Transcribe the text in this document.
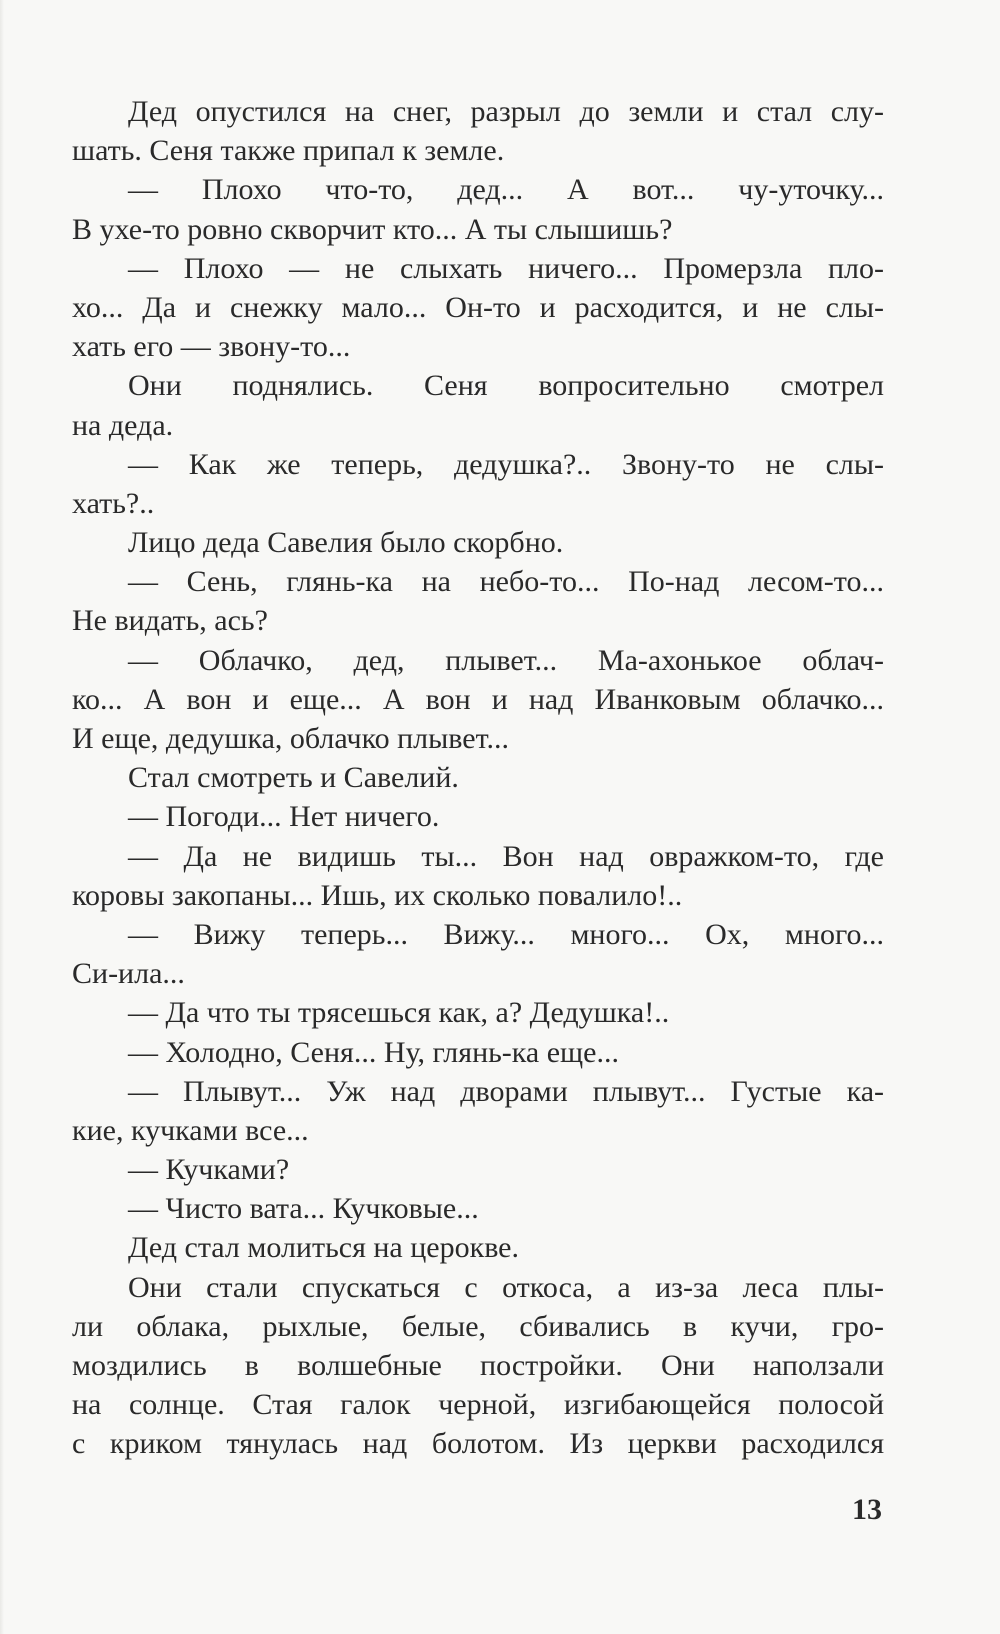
Дед опустился на снег, разрыл до земли и стал слу-
шать. Сеня также припал к земле.
— Плохо что-то, дед... А вот... чу-уточку...
В ухе-то ровно скворчит кто... А ты слышишь?
— Плохо — не слыхать ничего... Промерзла пло-
хо... Да и снежку мало... Он-то и расходится, и не слы-
хать его — звону-то...
Они поднялись. Сеня вопросительно смотрел
на деда.
— Как же теперь, дедушка?.. Звону-то не слы-
хать?..
Лицо деда Савелия было скорбно.
— Сень, глянь-ка на небо-то... По-над лесом-то...
Не видать, ась?
— Облачко, дед, плывет... Ма-ахонькое облач-
ко... А вон и еще... А вон и над Иванковым облачко...
И еще, дедушка, облачко плывет...
Стал смотреть и Савелий.
— Погоди... Нет ничего.
— Да не видишь ты... Вон над овражком-то, где
коровы закопаны... Ишь, их сколько повалило!..
— Вижу теперь... Вижу... много... Ох, много...
Си-ила...
— Да что ты трясешься как, а? Дедушка!..
— Холодно, Сеня... Ну, глянь-ка еще...
— Плывут... Уж над дворами плывут... Густые ка-
кие, кучками все...
— Кучками?
— Чисто вата... Кучковые...
Дед стал молиться на церокве.
Они стали спускаться с откоса, а из-за леса плы-
ли облака, рыхлые, белые, сбивались в кучи, гро-
моздились в волшебные постройки. Они наползали
на солнце. Стая галок черной, изгибающейся полосой
с криком тянулась над болотом. Из церкви расходился
13
